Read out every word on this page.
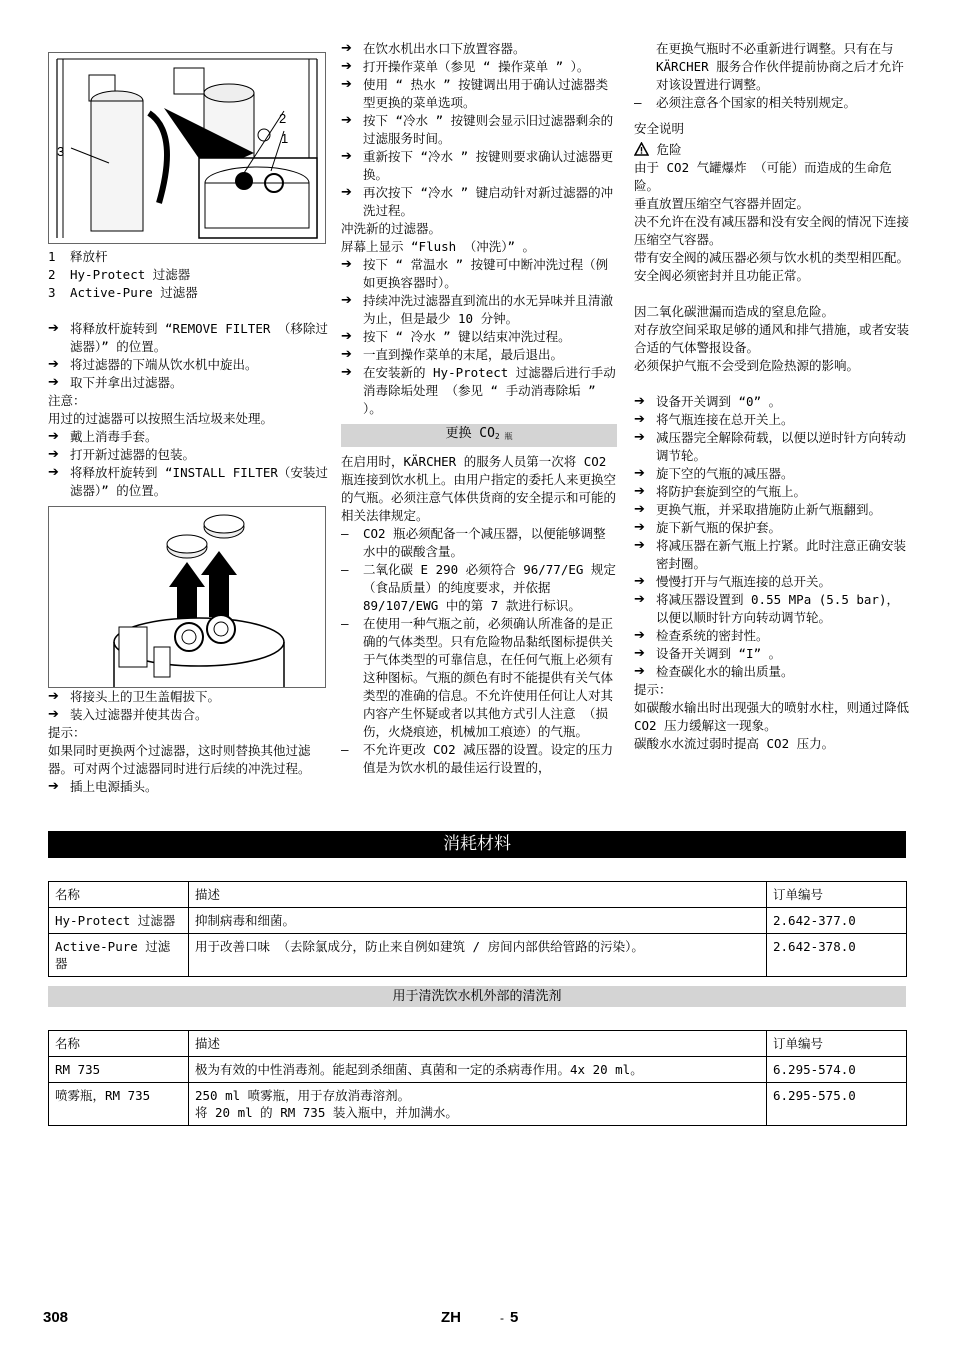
2
1
3
1	释放杆
2	Hy-Protect 过滤器
3	Active-Pure 过滤器

➔ 将释放杆旋转到 “REMOVE FILTER （移除过滤器）” 的位置。

➔ 将过滤器的下端从饮水机中旋出。

➔ 取下并拿出过滤器。

注意：

用过的过滤器可以按照生活垃圾来处理。

➔ 戴上消毒手套。

➔ 打开新过滤器的包装。

➔ 将释放杆旋转到 “INSTALL FILTER（安装过滤器）” 的位置。

➔ 将接头上的卫生盖帽拔下。

➔ 装入过滤器并使其齿合。

提示：

如果同时更换两个过滤器，这时则替换其他过滤器。可对两个过滤器同时进行后续的冲洗过程。

➔ 插上电源插头。

➔ 在饮水机出水口下放置容器。

➔ 打开操作菜单（参见 “ 操作菜单 ” ）。

➔ 使用 “ 热水 ” 按键调出用于确认过滤器类型更换的菜单选项。

➔ 按下 “冷水 ” 按键则会显示旧过滤器剩余的过滤服务时间。

➔ 重新按下 “冷水 ” 按键则要求确认过滤器更换。

➔ 再次按下 “冷水 ” 键启动针对新过滤器的冲洗过程。

冲洗新的过滤器。

屏幕上显示 “Flush （冲洗）” 。

➔ 按下 “ 常温水 ” 按键可中断冲洗过程（例如更换容器时）。

➔ 持续冲洗过滤器直到流出的水无异味并且清澈为止，但是最少 10 分钟。

➔ 按下 “ 冷水 ” 键以结束冲洗过程。

➔ 一直到操作菜单的末尾，最后退出。

➔ 在安装新的 Hy-Protect 过滤器后进行手动消毒除垢处理 （参见 “ 手动消毒除垢 ” ）。

更换 $CO_{2 瓶}$

在启用时，KÄRCHER 的服务人员第一次将 CO2 瓶连接到饮水机上。由用户指定的委托人来更换空的气瓶。必须注意气体供货商的安全提示和可能的相关法律规定。

– CO2 瓶必须配备一个减压器，以便能够调整水中的碳酸含量。

– 二氧化碳 E 290 必须符合 96/77/EG 规定 （食品质量）的纯度要求，并依据 89/107/EWG 中的第 7 款进行标识。

– 在使用一种气瓶之前，必须确认所准备的是正确的气体类型。只有危险物品黏纸图标提供关于气体类型的可靠信息，在任何气瓶上必须有这种图标。气瓶的颜色有时不能提供有关气体类型的准确的信息。不允许使用任何让人对其内容产生怀疑或者以其他方式引人注意 （损伤，火烧痕迹，机械加工痕迹）的气瓶。

– 不允许更改 CO2 减压器的设置。设定的压力值是为饮水机的最佳运行设置的，

在更换气瓶时不必重新进行调整。只有在与 KÄRCHER 服务合作伙伴提前协商之后才允许对该设置进行调整。

– 必须注意各个国家的相关特别规定。

安全说明

危险

由于 CO2 气罐爆炸 （可能）而造成的生命危险。

垂直放置压缩空气容器并固定。

决不允许在没有减压器和没有安全阀的情况下连接压缩空气容器。

带有安全阀的减压器必须与饮水机的类型相匹配。

安全阀必须密封并且功能正常。

因二氧化碳泄漏而造成的窒息危险。

对存放空间采取足够的通风和排气措施，或者安装合适的气体警报设备。

必须保护气瓶不会受到危险热源的影响。

➔ 设备开关调到 “0” 。

➔ 将气瓶连接在总开关上。

➔ 减压器完全解除荷载，以便以逆时针方向转动调节轮。

➔ 旋下空的气瓶的减压器。

➔ 将防护套旋到空的气瓶上。

➔ 更换气瓶，并采取措施防止新气瓶翻到。

➔ 旋下新气瓶的保护套。

➔ 将减压器在新气瓶上拧紧。此时注意正确安装密封圈。

➔ 慢慢打开与气瓶连接的总开关。

➔ 将减压器设置到 0.55 MPa (5.5 bar)，以便以顺时针方向转动调节轮。

➔ 检查系统的密封性。

➔ 设备开关调到 “I” 。

➔ 检查碳化水的输出质量。

提示：

如碳酸水输出时出现强大的喷射水柱，则通过降低 CO2 压力缓解这一现象。

碳酸水水流过弱时提高 CO2 压力。

消耗材料
名称	描述	订单编号
Hy-Protect 过滤器	抑制病毒和细菌。	2.642-377.0
Active-Pure 过滤器	用于改善口味 （去除氯成分，防止来自例如建筑 / 房间内部供给管路的污染）。	2.642-378.0
用于清洗饮水机外部的清洗剂
名称	描述	订单编号
RM 735	极为有效的中性消毒剂。能起到杀细菌、真菌和一定的杀病毒作用。4x 20 ml。	6.295-574.0
喷雾瓶，RM 735	250 ml 喷雾瓶，用于存放消毒溶剂。
将 20 ml 的 RM 735 装入瓶中，并加满水。	6.295-575.0
308	ZH	- 5
